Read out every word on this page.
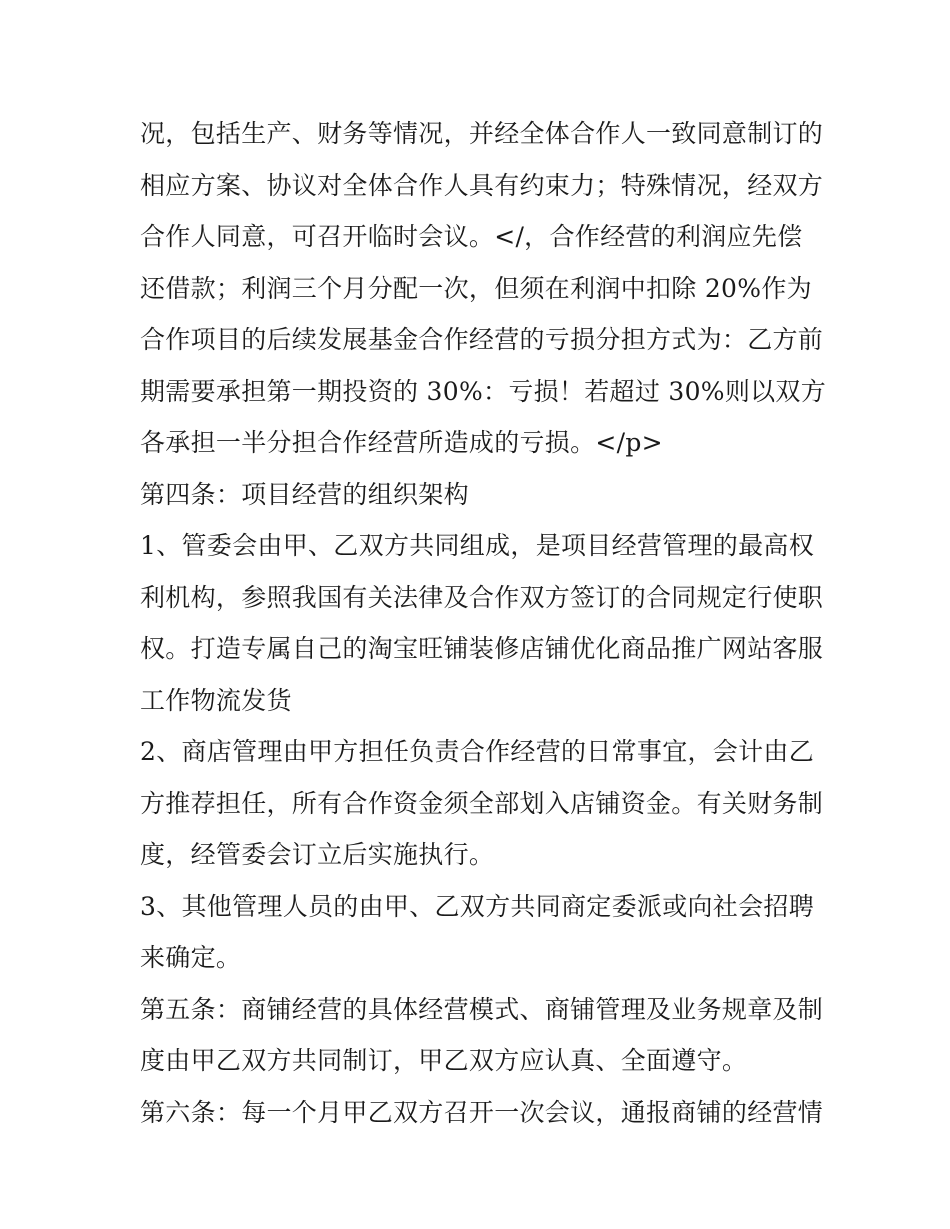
况，包括生产、财务等情况，并经全体合作人一致同意制订的
相应方案、协议对全体合作人具有约束力；特殊情况，经双方
合作人同意，可召开临时会议。</，合作经营的利润应先偿
还借款；利润三个月分配一次，但须在利润中扣除 20%作为
合作项目的后续发展基金合作经营的亏损分担方式为：乙方前
期需要承担第一期投资的 30%：亏损！若超过 30%则以双方
各承担一半分担合作经营所造成的亏损。</p>
第四条：项目经营的组织架构
1、管委会由甲、乙双方共同组成，是项目经营管理的最高权
利机构，参照我国有关法律及合作双方签订的合同规定行使职
权。打造专属自己的淘宝旺铺装修店铺优化商品推广网站客服
工作物流发货
2、商店管理由甲方担任负责合作经营的日常事宜，会计由乙
方推荐担任，所有合作资金须全部划入店铺资金。有关财务制
度，经管委会订立后实施执行。
3、其他管理人员的由甲、乙双方共同商定委派或向社会招聘
来确定。
第五条：商铺经营的具体经营模式、商铺管理及业务规章及制
度由甲乙双方共同制订，甲乙双方应认真、全面遵守。
第六条：每一个月甲乙双方召开一次会议，通报商铺的经营情
